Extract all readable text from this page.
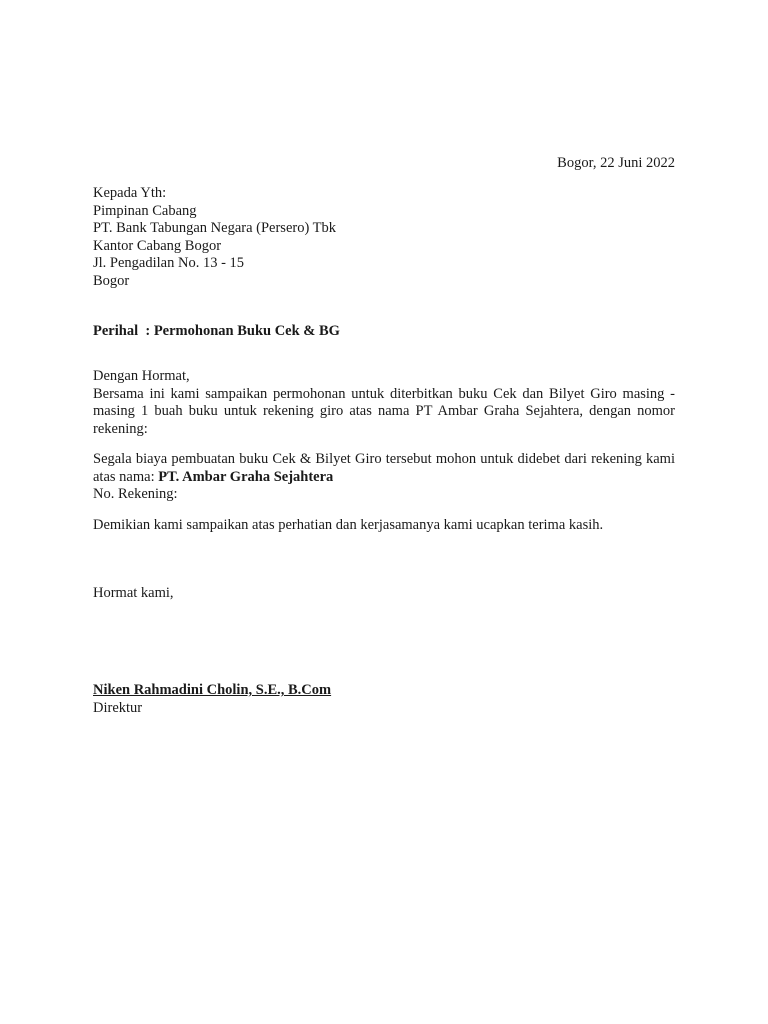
Bogor, 22 Juni 2022
Kepada Yth:
Pimpinan Cabang
PT. Bank Tabungan Negara (Persero) Tbk
Kantor Cabang Bogor
Jl. Pengadilan No. 13 - 15
Bogor
Perihal : Permohonan Buku Cek & BG
Dengan Hormat,
Bersama ini kami sampaikan permohonan untuk diterbitkan buku Cek dan Bilyet Giro masing - masing 1 buah buku untuk rekening giro atas nama PT Ambar Graha Sejahtera, dengan nomor rekening:
Segala biaya pembuatan buku Cek & Bilyet Giro tersebut mohon untuk didebet dari rekening kami atas nama: PT. Ambar Graha Sejahtera
No. Rekening:
Demikian kami sampaikan atas perhatian dan kerjasamanya kami ucapkan terima kasih.
Hormat kami,
Niken Rahmadini Cholin, S.E., B.Com
Direktur
